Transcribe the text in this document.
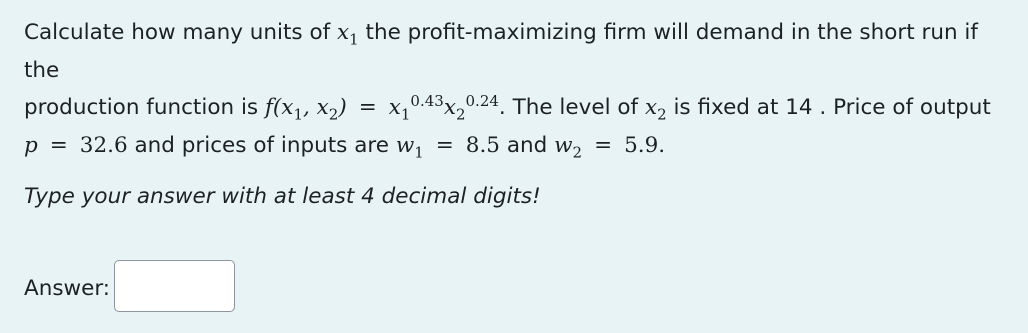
Calculate how many units of $x_1$ the profit-maximizing firm will demand in the short run if the
production function is $f(x_1$, $x_2) = x_1^{0.43}x_2^{0.24}$. The level of $x_2$ is fixed at 14 . Price of output
p = 32.6 and prices of inputs are $w_1 = 8.5$ and $w_2 = 5.9$.
Type your answer with at least 4 decimal digits!
Answer:
